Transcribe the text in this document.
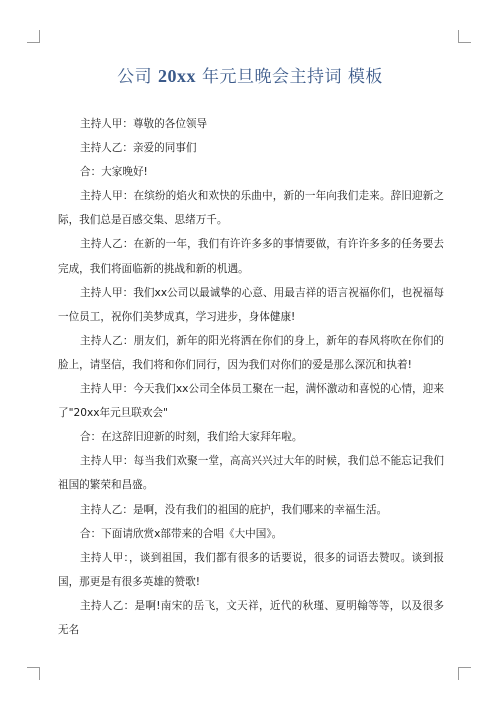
公司 20xx 年元旦晚会主持词 模板

主持人甲：尊敬的各位领导

主持人乙：亲爱的同事们

合：大家晚好!

主持人甲：在缤纷的焰火和欢快的乐曲中，新的一年向我们走来。辞旧迎新之际，我们总是百感交集、思绪万千。

主持人乙：在新的一年，我们有许许多多的事情要做，有许许多多的任务要去完成，我们将面临新的挑战和新的机遇。

主持人甲：我们xx公司以最诚挚的心意、用最吉祥的语言祝福你们，也祝福每一位员工，祝你们美梦成真，学习进步，身体健康!

主持人乙：朋友们，新年的阳光将洒在你们的身上，新年的春风将吹在你们的脸上，请坚信，我们将和你们同行，因为我们对你们的爱是那么深沉和执着!

主持人甲：今天我们xx公司全体员工聚在一起，满怀激动和喜悦的心情，迎来了"20xx年元旦联欢会"

合：在这辞旧迎新的时刻，我们给大家拜年啦。

主持人甲：每当我们欢聚一堂，高高兴兴过大年的时候，我们总不能忘记我们祖国的繁荣和昌盛。

主持人乙：是啊，没有我们的祖国的庇护，我们哪来的幸福生活。

合：下面请欣赏x部带来的合唱《大中国》。

主持人甲：，谈到祖国，我们都有很多的话要说，很多的词语去赞叹。谈到报国，那更是有很多英雄的赞歌!

主持人乙：是啊!南宋的岳飞，文天祥，近代的秋瑾、夏明翰等等，以及很多无名
